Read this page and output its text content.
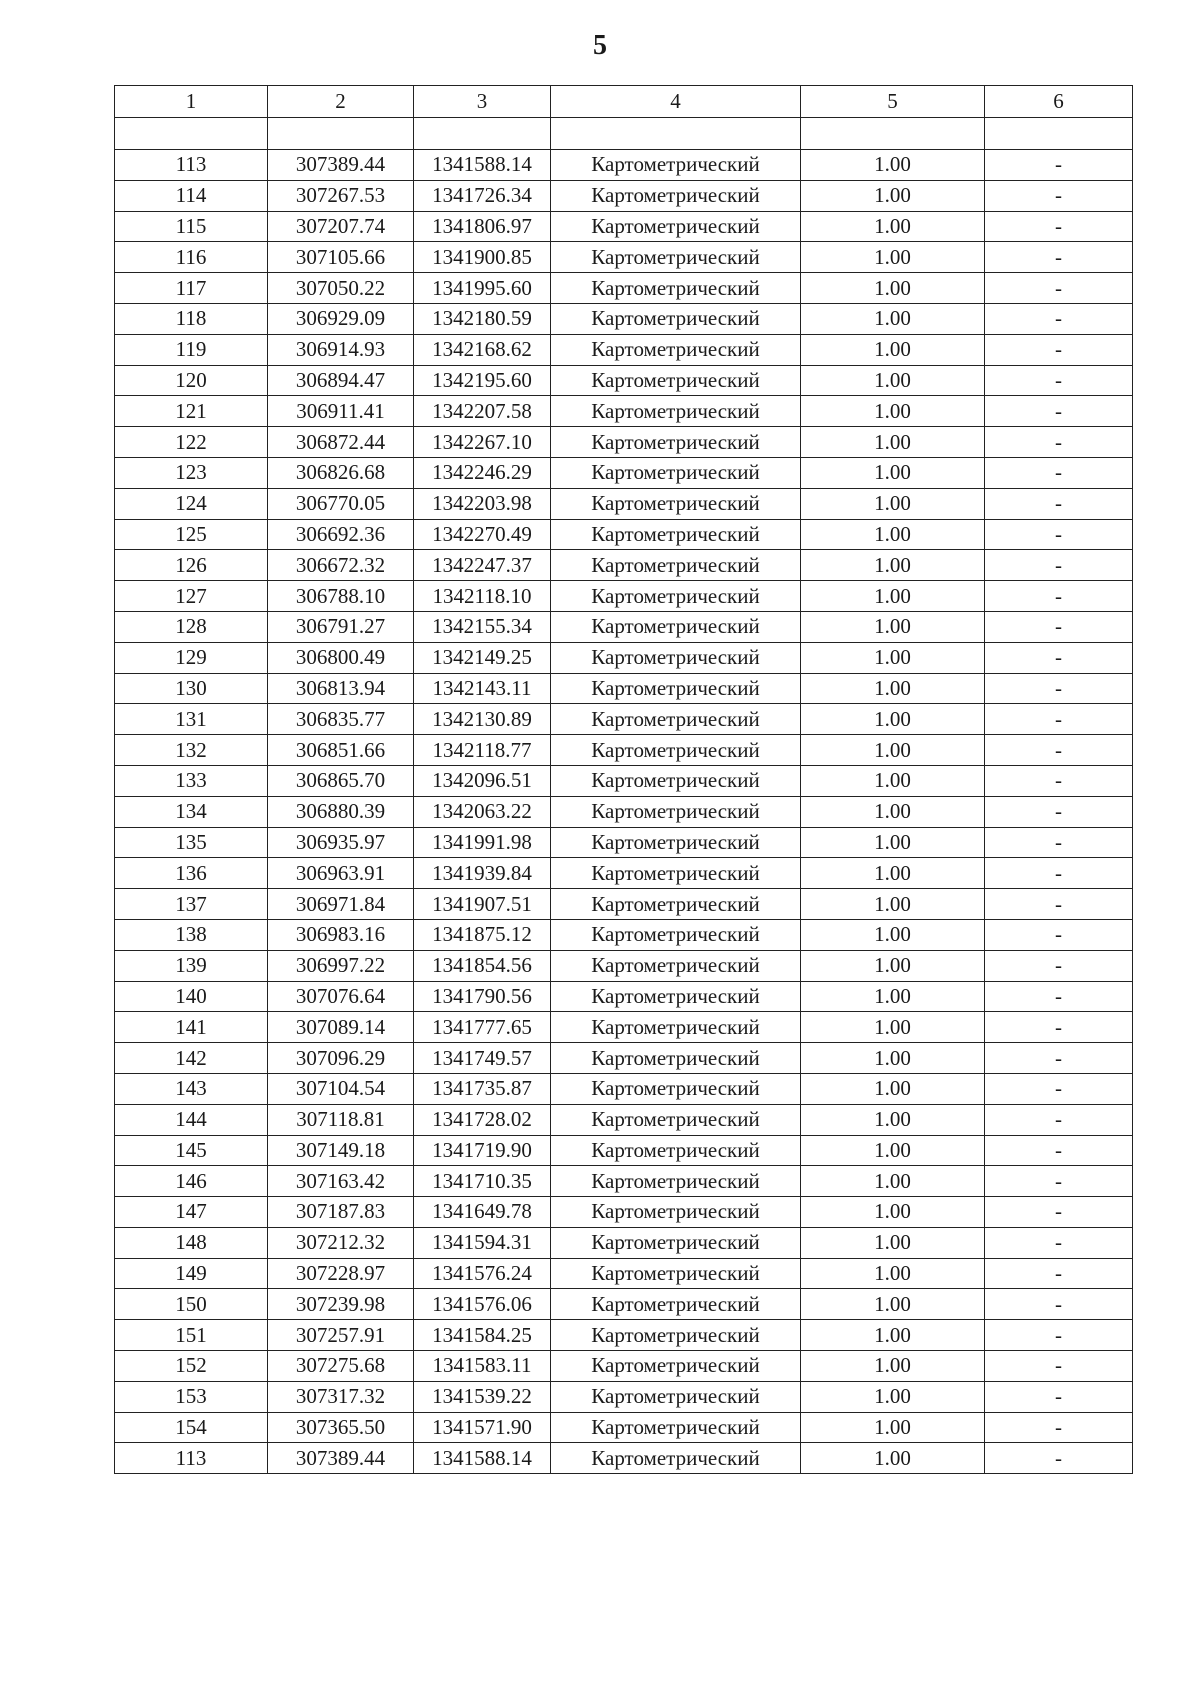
5
1	2	3	4	5	6

113	307389.44	1341588.14	Картометрический	1.00	-
114	307267.53	1341726.34	Картометрический	1.00	-
115	307207.74	1341806.97	Картометрический	1.00	-
116	307105.66	1341900.85	Картометрический	1.00	-
117	307050.22	1341995.60	Картометрический	1.00	-
118	306929.09	1342180.59	Картометрический	1.00	-
119	306914.93	1342168.62	Картометрический	1.00	-
120	306894.47	1342195.60	Картометрический	1.00	-
121	306911.41	1342207.58	Картометрический	1.00	-
122	306872.44	1342267.10	Картометрический	1.00	-
123	306826.68	1342246.29	Картометрический	1.00	-
124	306770.05	1342203.98	Картометрический	1.00	-
125	306692.36	1342270.49	Картометрический	1.00	-
126	306672.32	1342247.37	Картометрический	1.00	-
127	306788.10	1342118.10	Картометрический	1.00	-
128	306791.27	1342155.34	Картометрический	1.00	-
129	306800.49	1342149.25	Картометрический	1.00	-
130	306813.94	1342143.11	Картометрический	1.00	-
131	306835.77	1342130.89	Картометрический	1.00	-
132	306851.66	1342118.77	Картометрический	1.00	-
133	306865.70	1342096.51	Картометрический	1.00	-
134	306880.39	1342063.22	Картометрический	1.00	-
135	306935.97	1341991.98	Картометрический	1.00	-
136	306963.91	1341939.84	Картометрический	1.00	-
137	306971.84	1341907.51	Картометрический	1.00	-
138	306983.16	1341875.12	Картометрический	1.00	-
139	306997.22	1341854.56	Картометрический	1.00	-
140	307076.64	1341790.56	Картометрический	1.00	-
141	307089.14	1341777.65	Картометрический	1.00	-
142	307096.29	1341749.57	Картометрический	1.00	-
143	307104.54	1341735.87	Картометрический	1.00	-
144	307118.81	1341728.02	Картометрический	1.00	-
145	307149.18	1341719.90	Картометрический	1.00	-
146	307163.42	1341710.35	Картометрический	1.00	-
147	307187.83	1341649.78	Картометрический	1.00	-
148	307212.32	1341594.31	Картометрический	1.00	-
149	307228.97	1341576.24	Картометрический	1.00	-
150	307239.98	1341576.06	Картометрический	1.00	-
151	307257.91	1341584.25	Картометрический	1.00	-
152	307275.68	1341583.11	Картометрический	1.00	-
153	307317.32	1341539.22	Картометрический	1.00	-
154	307365.50	1341571.90	Картометрический	1.00	-
113	307389.44	1341588.14	Картометрический	1.00	-
